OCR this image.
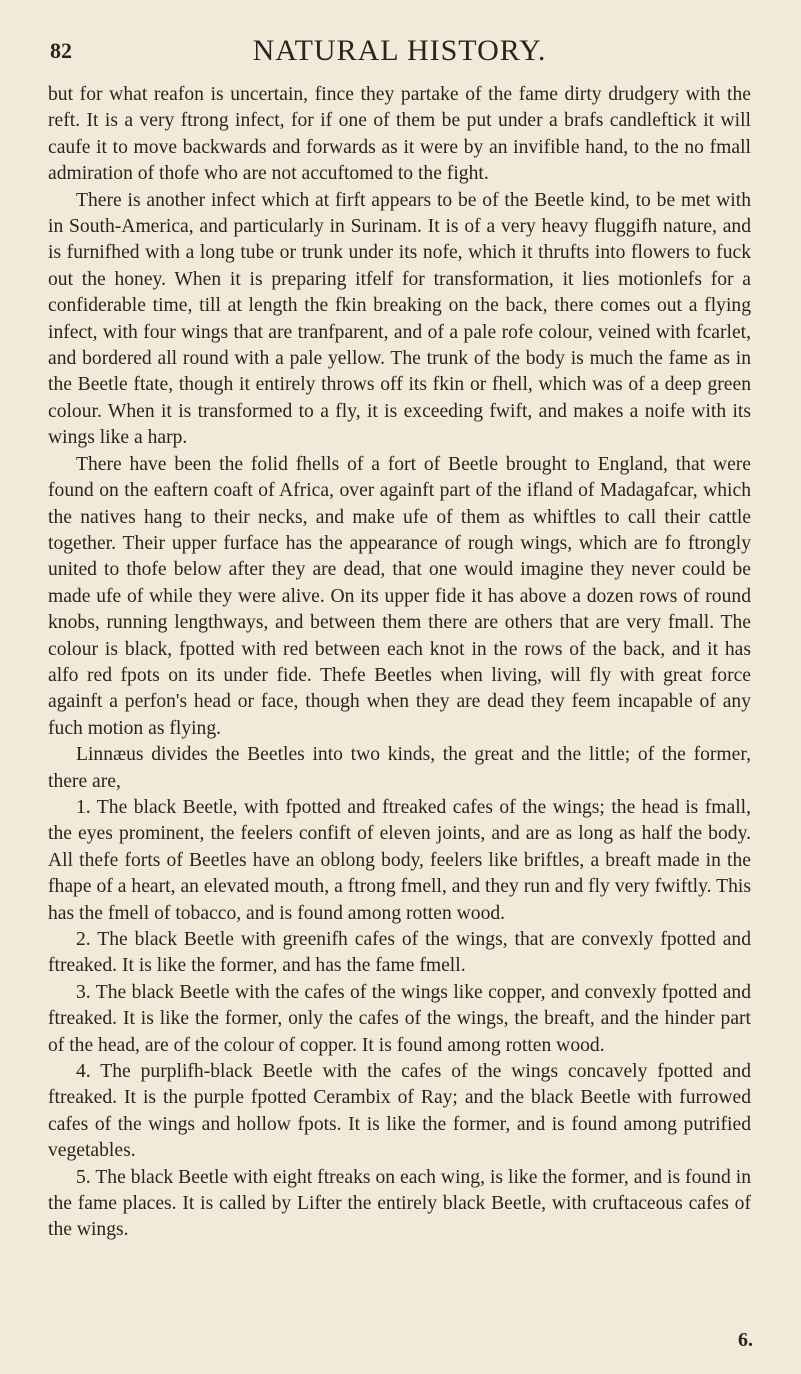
82	NATURAL HISTORY.

but for what reafon is uncertain, fince they partake of the fame dirty drudgery with the reft. It is a very ftrong infect, for if one of them be put under a brafs candleftick it will caufe it to move backwards and forwards as it were by an invifible hand, to the no fmall admiration of thofe who are not accuftomed to the fight.

There is another infect which at firft appears to be of the Beetle kind, to be met with in South-America, and particularly in Surinam. It is of a very heavy fluggifh nature, and is furnifhed with a long tube or trunk under its nofe, which it thrufts into flowers to fuck out the honey. When it is preparing itfelf for transformation, it lies motionlefs for a confiderable time, till at length the fkin breaking on the back, there comes out a flying infect, with four wings that are tranfparent, and of a pale rofe colour, veined with fcarlet, and bordered all round with a pale yellow. The trunk of the body is much the fame as in the Beetle ftate, though it entirely throws off its fkin or fhell, which was of a deep green colour. When it is transformed to a fly, it is exceeding fwift, and makes a noife with its wings like a harp.

There have been the folid fhells of a fort of Beetle brought to England, that were found on the eaftern coaft of Africa, over againft part of the ifland of Madagafcar, which the natives hang to their necks, and make ufe of them as whiftles to call their cattle together. Their upper furface has the appearance of rough wings, which are fo ftrongly united to thofe below after they are dead, that one would imagine they never could be made ufe of while they were alive. On its upper fide it has above a dozen rows of round knobs, running lengthways, and between them there are others that are very fmall. The colour is black, fpotted with red between each knot in the rows of the back, and it has alfo red fpots on its under fide. Thefe Beetles when living, will fly with great force againft a perfon's head or face, though when they are dead they feem incapable of any fuch motion as flying.

Linnæus divides the Beetles into two kinds, the great and the little; of the former, there are,

1. The black Beetle, with fpotted and ftreaked cafes of the wings; the head is fmall, the eyes prominent, the feelers confift of eleven joints, and are as long as half the body. All thefe forts of Beetles have an oblong body, feelers like briftles, a breaft made in the fhape of a heart, an elevated mouth, a ftrong fmell, and they run and fly very fwiftly. This has the fmell of tobacco, and is found among rotten wood.

2. The black Beetle with greenifh cafes of the wings, that are convexly fpotted and ftreaked. It is like the former, and has the fame fmell.

3. The black Beetle with the cafes of the wings like copper, and convexly fpotted and ftreaked. It is like the former, only the cafes of the wings, the breaft, and the hinder part of the head, are of the colour of copper. It is found among rotten wood.

4. The purplifh-black Beetle with the cafes of the wings concavely fpotted and ftreaked. It is the purple fpotted Cerambix of Ray; and the black Beetle with furrowed cafes of the wings and hollow fpots. It is like the former, and is found among putrified vegetables.

5. The black Beetle with eight ftreaks on each wing, is like the former, and is found in the fame places. It is called by Lifter the entirely black Beetle, with cruftaceous cafes of the wings.

6.
